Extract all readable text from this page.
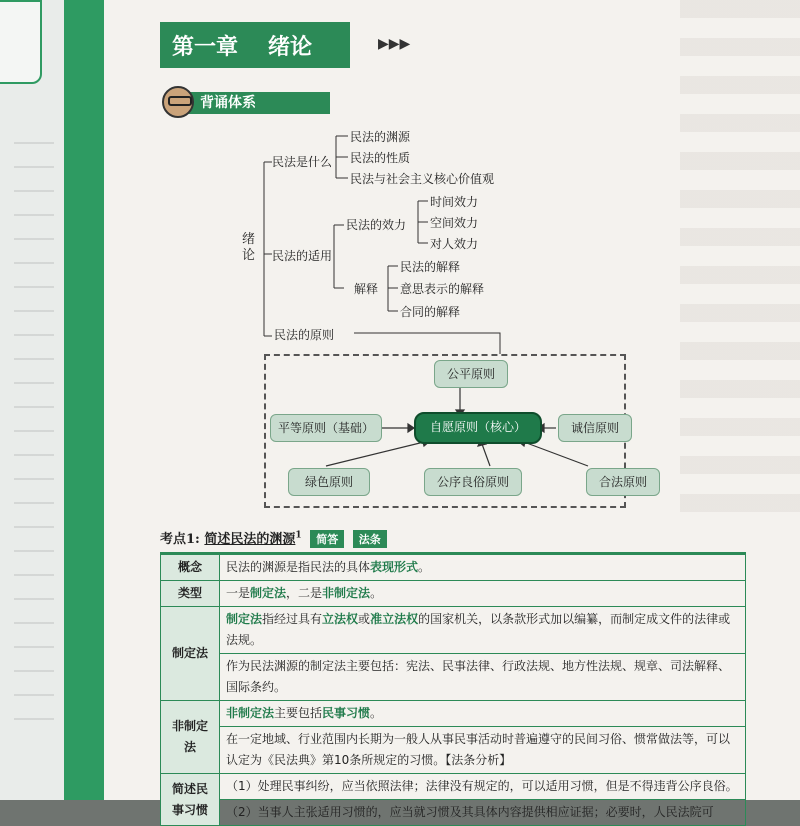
第一章 绪论	▶▶▶
背诵体系
绪论
民法是什么
民法的渊源
民法的性质
民法与社会主义核心价值观
民法的适用
民法的效力
时间效力
空间效力
对人效力
解释
民法的解释
意思表示的解释
合同的解释
民法的原则
公平原则
平等原则（基础）	自愿原则（核心）	诚信原则
绿色原则	公序良俗原则	合法原则
考点1: 简述民法的渊源$^1$ 简答 法条
概念	民法的渊源是指民法的具体表现形式。
类型	一是制定法，二是非制定法。
制定法	制定法指经过具有立法权或准立法权的国家机关，以条款形式加以编纂，而制定成文件的法律或法规。
	作为民法渊源的制定法主要包括：宪法、民事法律、行政法规、地方性法规、规章、司法解释、国际条约。
非制定法	非制定法主要包括民事习惯。
	在一定地域、行业范围内长期为一般人从事民事活动时普遍遵守的民间习俗、惯常做法等，可以认定为《民法典》第10条所规定的习惯。【法条分析】
简述民事习惯	（1）处理民事纠纷，应当依照法律；法律没有规定的，可以适用习惯，但是不得违背公序良俗。
	（2）当事人主张适用习惯的，应当就习惯及其具体内容提供相应证据；必要时，人民法院可
